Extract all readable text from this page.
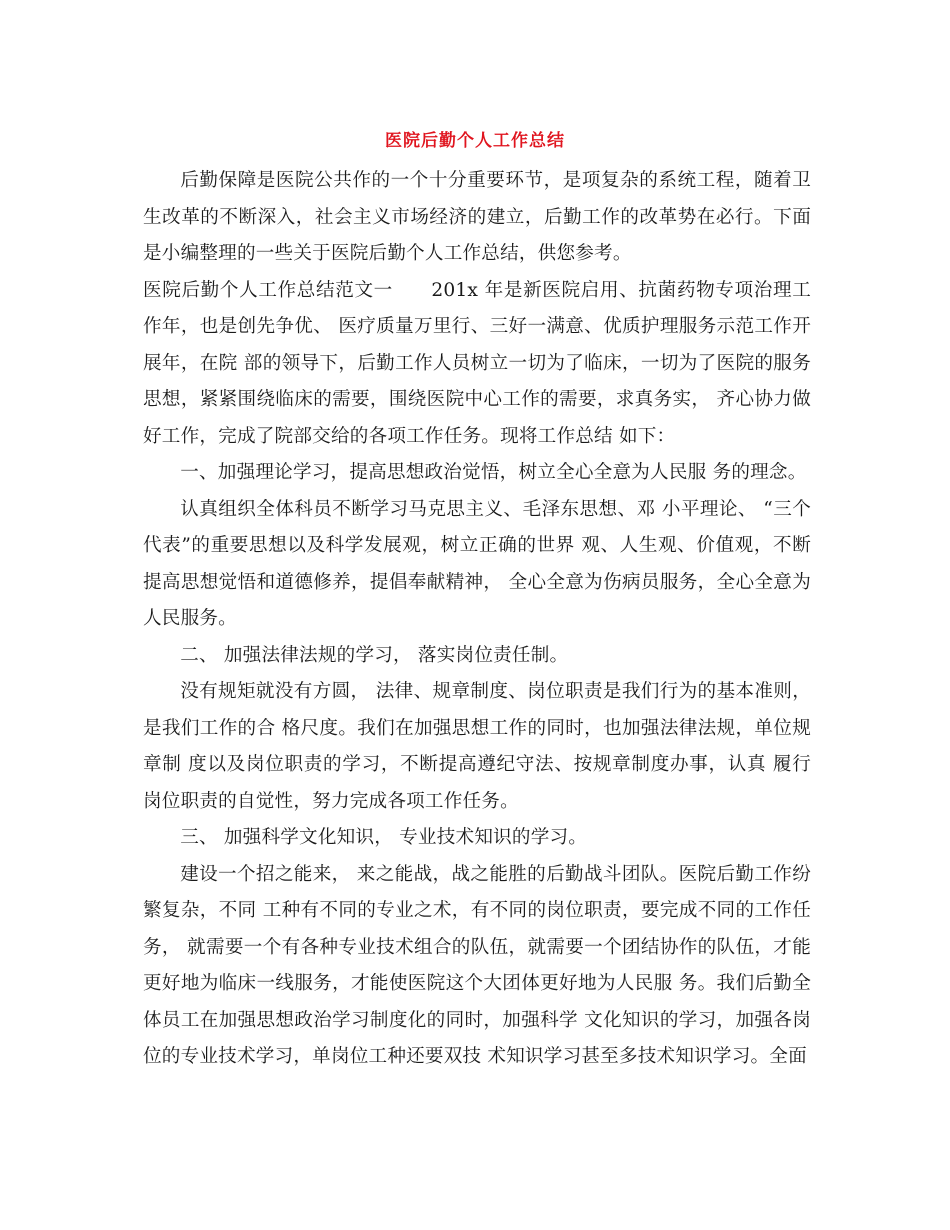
医院后勤个人工作总结

后勤保障是医院公共作的一个十分重要环节，是项复杂的系统工程，随着卫生改革的不断深入，社会主义市场经济的建立，后勤工作的改革势在必行。下面是小编整理的一些关于医院后勤个人工作总结，供您参考。

医院后勤个人工作总结范文一　　201x 年是新医院启用、抗菌药物专项治理工作年，也是创先争优、 医疗质量万里行、三好一满意、优质护理服务示范工作开展年，在院 部的领导下，后勤工作人员树立一切为了临床，一切为了医院的服务 思想，紧紧围绕临床的需要，围绕医院中心工作的需要，求真务实， 齐心协力做好工作，完成了院部交给的各项工作任务。现将工作总结 如下：

一、加强理论学习，提高思想政治觉悟，树立全心全意为人民服 务的理念。

认真组织全体科员不断学习马克思主义、毛泽东思想、邓 小平理论、 “三个代表”的重要思想以及科学发展观，树立正确的世界 观、人生观、价值观，不断提高思想觉悟和道德修养，提倡奉献精神， 全心全意为伤病员服务，全心全意为人民服务。

二、 加强法律法规的学习， 落实岗位责任制。

没有规矩就没有方圆， 法律、规章制度、岗位职责是我们行为的基本准则，是我们工作的合 格尺度。我们在加强思想工作的同时，也加强法律法规，单位规章制 度以及岗位职责的学习，不断提高遵纪守法、按规章制度办事，认真 履行岗位职责的自觉性，努力完成各项工作任务。

三、 加强科学文化知识， 专业技术知识的学习。

建设一个招之能来， 来之能战，战之能胜的后勤战斗团队。医院后勤工作纷繁复杂，不同 工种有不同的专业之术，有不同的岗位职责，要完成不同的工作任务， 就需要一个有各种专业技术组合的队伍，就需要一个团结协作的队伍，才能更好地为临床一线服务，才能使医院这个大团体更好地为人民服 务。我们后勤全体员工在加强思想政治学习制度化的同时，加强科学 文化知识的学习，加强各岗位的专业技术学习，单岗位工种还要双技 术知识学习甚至多技术知识学习。全面
